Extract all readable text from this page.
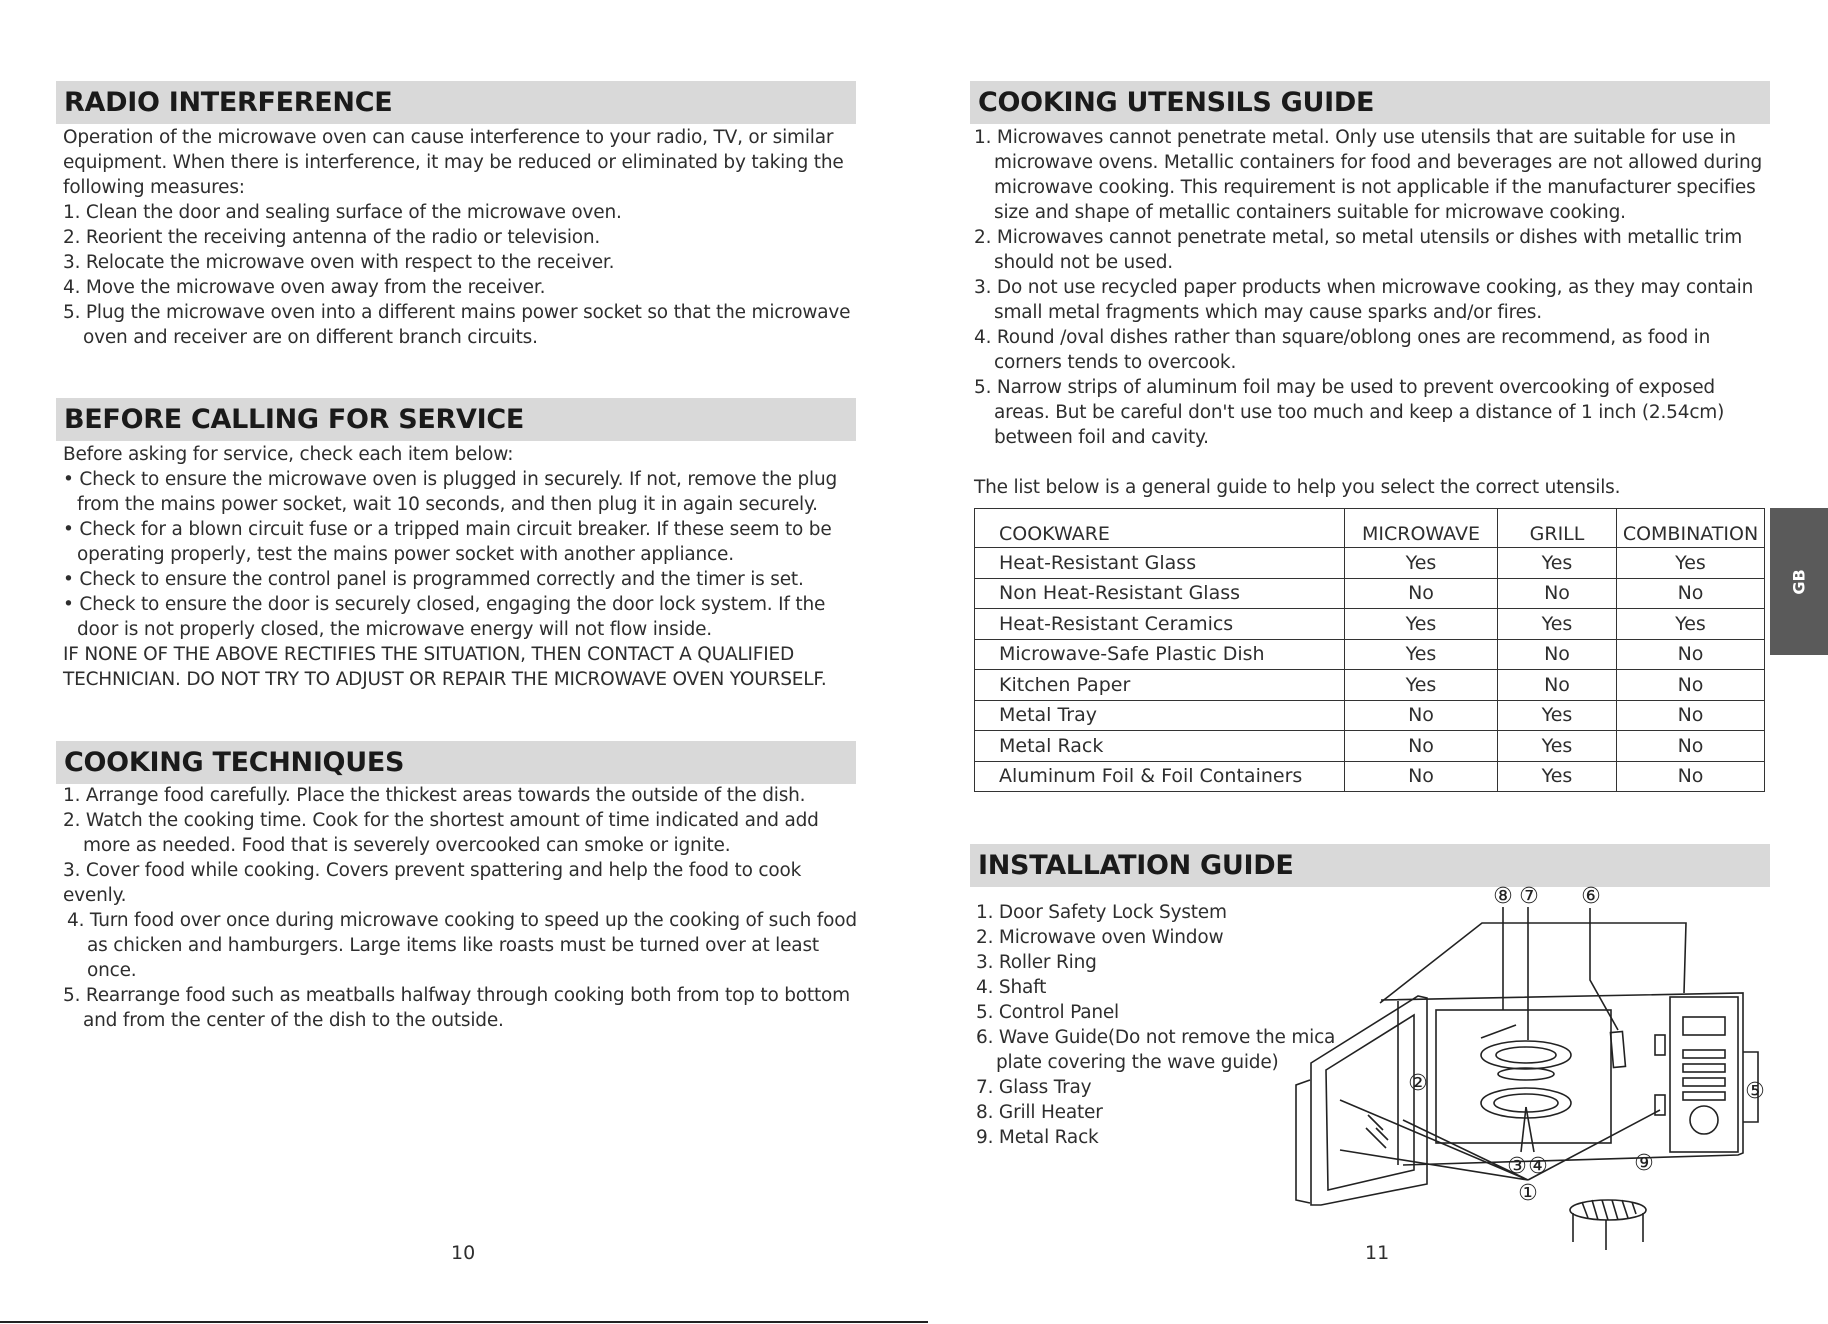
RADIO INTERFERENCE

Operation of the microwave oven can cause interference to your radio, TV, or similar equipment. When there is interference, it may be reduced or eliminated by taking the following measures:

1. Clean the door and sealing surface of the microwave oven.

2. Reorient the receiving antenna of the radio or television.

3. Relocate the microwave oven with respect to the receiver.

4. Move the microwave oven away from the receiver.

5. Plug the microwave oven into a different mains power socket so that the microwave oven and receiver are on different branch circuits.

BEFORE CALLING FOR SERVICE

Before asking for service, check each item below:

• Check to ensure the microwave oven is plugged in securely. If not, remove the plug from the mains power socket, wait 10 seconds, and then plug it in again securely.

• Check for a blown circuit fuse or a tripped main circuit breaker. If these seem to be operating properly, test the mains power socket with another appliance.

• Check to ensure the control panel is programmed correctly and the timer is set.

• Check to ensure the door is securely closed, engaging the door lock system. If the door is not properly closed, the microwave energy will not flow inside.

IF NONE OF THE ABOVE RECTIFIES THE SITUATION, THEN CONTACT A QUALIFIED

TECHNICIAN. DO NOT TRY TO ADJUST OR REPAIR THE MICROWAVE OVEN YOURSELF.

COOKING TECHNIQUES

1. Arrange food carefully. Place the thickest areas towards the outside of the dish.

2. Watch the cooking time. Cook for the shortest amount of time indicated and add more as needed. Food that is severely overcooked can smoke or ignite.

3. Cover food while cooking. Covers prevent spattering and help the food to cook evenly.

4. Turn food over once during microwave cooking to speed up the cooking of such food as chicken and hamburgers. Large items like roasts must be turned over at least once.

5. Rearrange food such as meatballs halfway through cooking both from top to bottom and from the center of the dish to the outside.

10
COOKING UTENSILS GUIDE

1. Microwaves cannot penetrate metal. Only use utensils that are suitable for use in microwave ovens. Metallic containers for food and beverages are not allowed during microwave cooking. This requirement is not applicable if the manufacturer specifies size and shape of metallic containers suitable for microwave cooking.

2. Microwaves cannot penetrate metal, so metal utensils or dishes with metallic trim should not be used.

3. Do not use recycled paper products when microwave cooking, as they may contain small metal fragments which may cause sparks and/or fires.

4. Round /oval dishes rather than square/oblong ones are recommend, as food in corners tends to overcook.

5. Narrow strips of aluminum foil may be used to prevent overcooking of exposed areas. But be careful don't use too much and keep a distance of 1 inch (2.54cm) between foil and cavity.

The list below is a general guide to help you select the correct utensils.

COOKWARE	MICROWAVE	GRILL	COMBINATION
Heat-Resistant Glass	Yes	Yes	Yes
Non Heat-Resistant Glass	No	No	No
Heat-Resistant Ceramics	Yes	Yes	Yes
Microwave-Safe Plastic Dish	Yes	No	No
Kitchen Paper	Yes	No	No
Metal Tray	No	Yes	No
Metal Rack	No	Yes	No
Aluminum Foil & Foil Containers	No	Yes	No
INSTALLATION GUIDE

1. Door Safety Lock System

2. Microwave oven Window

3. Roller Ring

4. Shaft

5. Control Panel

6. Wave Guide(Do not remove the mica

plate covering the wave guide)

7. Glass Tray

8. Grill Heater

9. Metal Rack

11
⑧ ⑦ ⑥
②	⑤
③ ④	⑨
①
GB
